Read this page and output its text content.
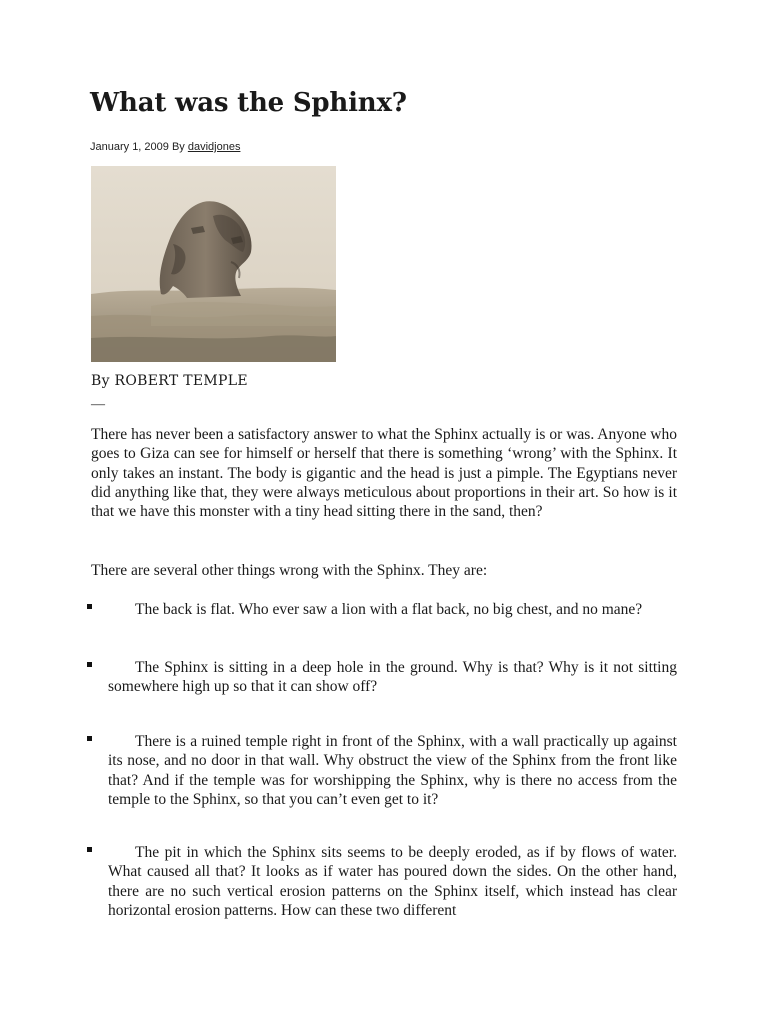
What was the Sphinx?
January 1, 2009 By davidjones
By ROBERT TEMPLE
—

There has never been a satisfactory answer to what the Sphinx actually is or was. Anyone who goes to Giza can see for himself or herself that there is something ‘wrong’ with the Sphinx. It only takes an instant. The body is gigantic and the head is just a pimple. The Egyptians never did anything like that, they were always meticulous about proportions in their art. So how is it that we have this monster with a tiny head sitting there in the sand, then?

There are several other things wrong with the Sphinx. They are:

The back is flat. Who ever saw a lion with a flat back, no big chest, and no mane?

The Sphinx is sitting in a deep hole in the ground. Why is that? Why is it not sitting somewhere high up so that it can show off?

There is a ruined temple right in front of the Sphinx, with a wall practically up against its nose, and no door in that wall. Why obstruct the view of the Sphinx from the front like that? And if the temple was for worshipping the Sphinx, why is there no access from the temple to the Sphinx, so that you can’t even get to it?

The pit in which the Sphinx sits seems to be deeply eroded, as if by flows of water. What caused all that? It looks as if water has poured down the sides. On the other hand, there are no such vertical erosion patterns on the Sphinx itself, which instead has clear horizontal erosion patterns. How can these two different
